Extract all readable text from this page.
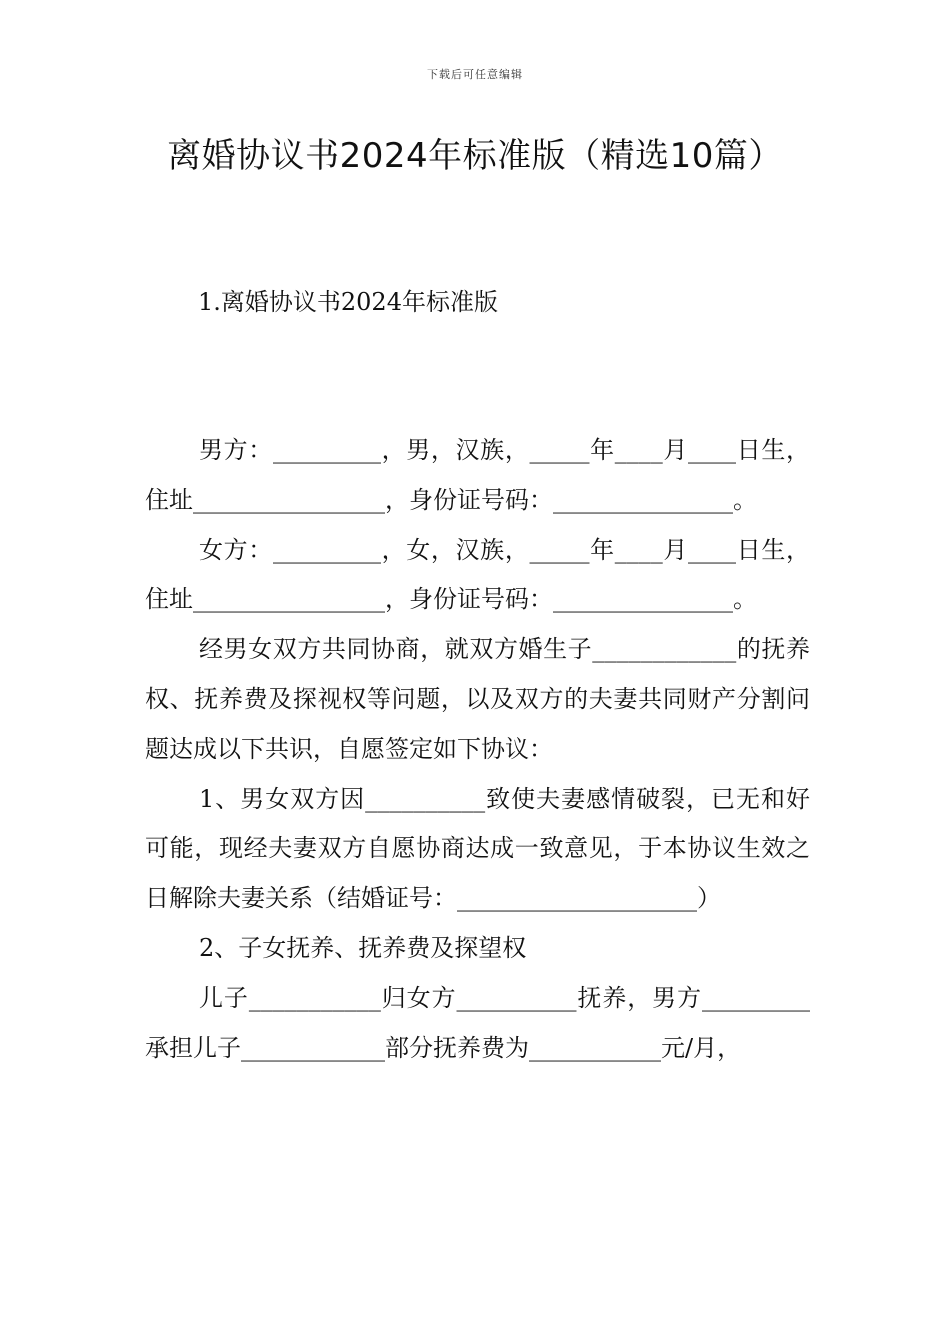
下载后可任意编辑
离婚协议书2024年标准版（精选10篇）
1.离婚协议书2024年标准版

男方：_________，男，汉族，_____年____月____日生，住址________________，身份证号码：_______________。

女方：_________，女，汉族，_____年____月____日生，住址________________，身份证号码：_______________。

经男女双方共同协商，就双方婚生子____________的抚养权、抚养费及探视权等问题，以及双方的夫妻共同财产分割问题达成以下共识，自愿签定如下协议：

1、男女双方因__________致使夫妻感情破裂，已无和好可能，现经夫妻双方自愿协商达成一致意见，于本协议生效之日解除夫妻关系（结婚证号：____________________）

2、子女抚养、抚养费及探望权

儿子___________归女方__________抚养，男方_________承担儿子____________部分抚养费为___________元/月，
